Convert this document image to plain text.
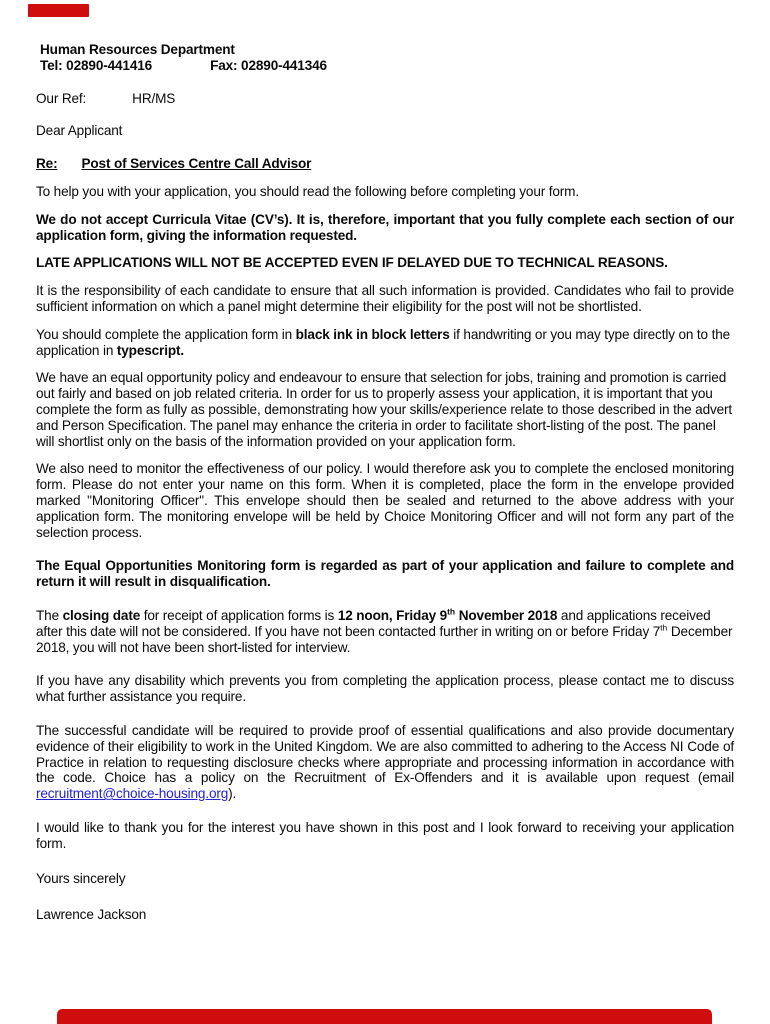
Human Resources Department
Tel: 02890-441416	Fax: 02890-441346
Our Ref:	HR/MS

Dear Applicant

Re: Post of Services Centre Call Advisor

To help you with your application, you should read the following before completing your form.

We do not accept Curricula Vitae (CV’s). It is, therefore, important that you fully complete each section of our application form, giving the information requested.

LATE APPLICATIONS WILL NOT BE ACCEPTED EVEN IF DELAYED DUE TO TECHNICAL REASONS.

It is the responsibility of each candidate to ensure that all such information is provided. Candidates who fail to provide sufficient information on which a panel might determine their eligibility for the post will not be shortlisted.

You should complete the application form in black ink in block letters if handwriting or you may type directly on to the application in typescript.

We have an equal opportunity policy and endeavour to ensure that selection for jobs, training and promotion is carried out fairly and based on job related criteria. In order for us to properly assess your application, it is important that you complete the form as fully as possible, demonstrating how your skills/experience relate to those described in the advert and Person Specification. The panel may enhance the criteria in order to facilitate short-listing of the post. The panel will shortlist only on the basis of the information provided on your application form.

We also need to monitor the effectiveness of our policy. I would therefore ask you to complete the enclosed monitoring form. Please do not enter your name on this form. When it is completed, place the form in the envelope provided marked "Monitoring Officer". This envelope should then be sealed and returned to the above address with your application form. The monitoring envelope will be held by Choice Monitoring Officer and will not form any part of the selection process.

The Equal Opportunities Monitoring form is regarded as part of your application and failure to complete and return it will result in disqualification.

The closing date for receipt of application forms is 12 noon, Friday 9th November 2018 and applications received after this date will not be considered. If you have not been contacted further in writing on or before Friday 7th December 2018, you will not have been short-listed for interview.

If you have any disability which prevents you from completing the application process, please contact me to discuss what further assistance you require.

The successful candidate will be required to provide proof of essential qualifications and also provide documentary evidence of their eligibility to work in the United Kingdom. We are also committed to adhering to the Access NI Code of Practice in relation to requesting disclosure checks where appropriate and processing information in accordance with the code. Choice has a policy on the Recruitment of Ex-Offenders and it is available upon request (email recruitment@choice-housing.org).

I would like to thank you for the interest you have shown in this post and I look forward to receiving your application form.

Yours sincerely

Lawrence Jackson
